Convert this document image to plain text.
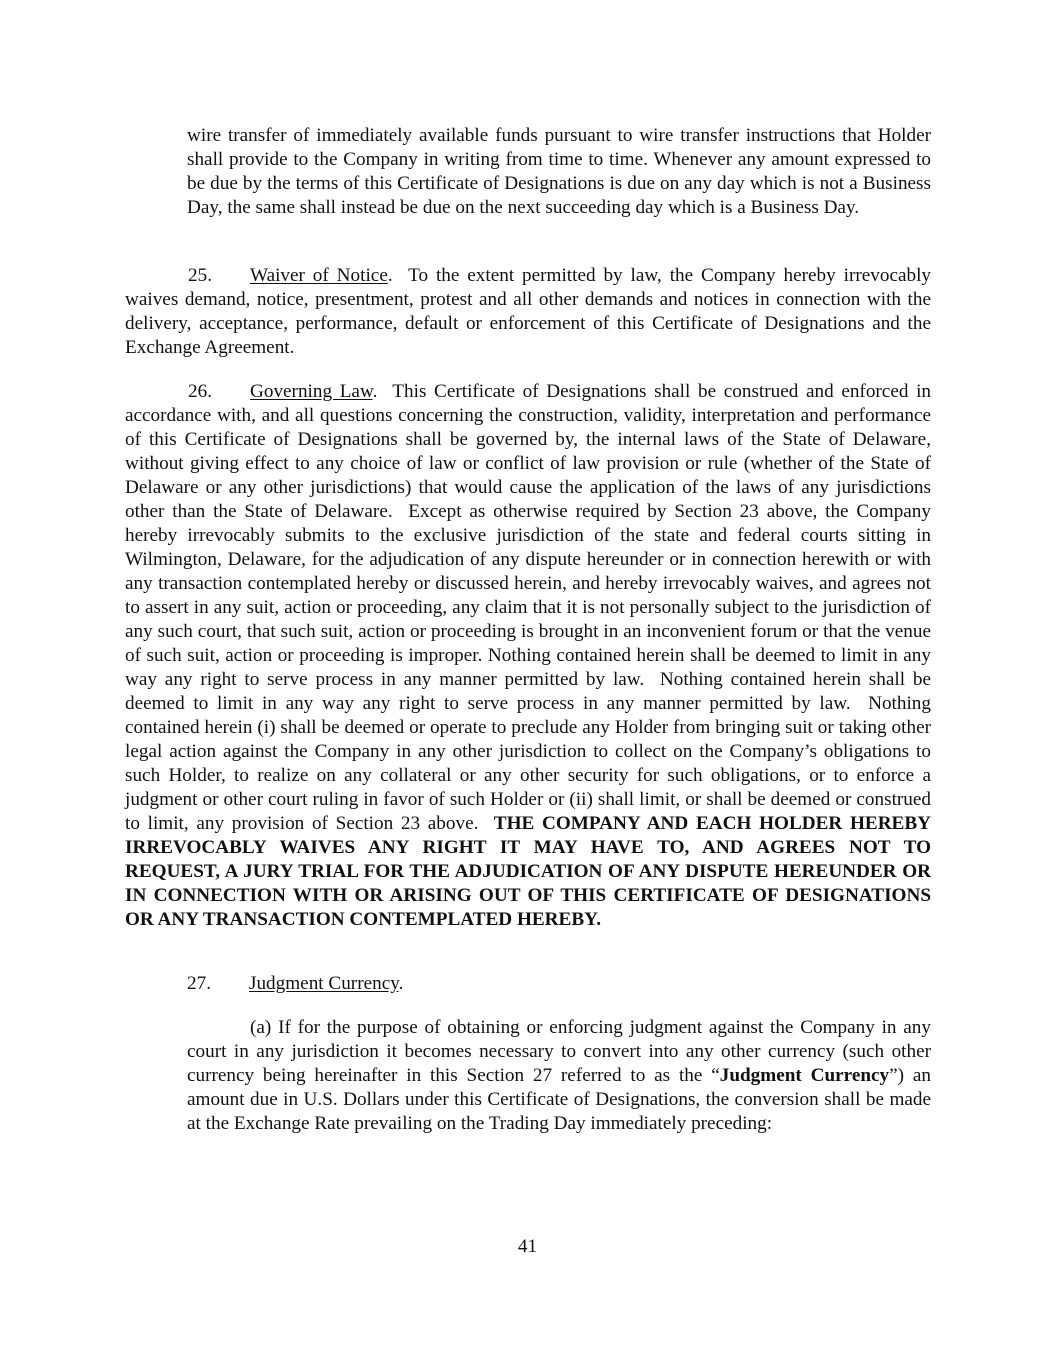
wire transfer of immediately available funds pursuant to wire transfer instructions that Holder shall provide to the Company in writing from time to time. Whenever any amount expressed to be due by the terms of this Certificate of Designations is due on any day which is not a Business Day, the same shall instead be due on the next succeeding day which is a Business Day.

25. Waiver of Notice.  To the extent permitted by law, the Company hereby irrevocably waives demand, notice, presentment, protest and all other demands and notices in connection with the delivery, acceptance, performance, default or enforcement of this Certificate of Designations and the Exchange Agreement.

26. Governing Law.  This Certificate of Designations shall be construed and enforced in accordance with, and all questions concerning the construction, validity, interpretation and performance of this Certificate of Designations shall be governed by, the internal laws of the State of Delaware, without giving effect to any choice of law or conflict of law provision or rule (whether of the State of Delaware or any other jurisdictions) that would cause the application of the laws of any jurisdictions other than the State of Delaware.  Except as otherwise required by Section 23 above, the Company hereby irrevocably submits to the exclusive jurisdiction of the state and federal courts sitting in Wilmington, Delaware, for the adjudication of any dispute hereunder or in connection herewith or with any transaction contemplated hereby or discussed herein, and hereby irrevocably waives, and agrees not to assert in any suit, action or proceeding, any claim that it is not personally subject to the jurisdiction of any such court, that such suit, action or proceeding is brought in an inconvenient forum or that the venue of such suit, action or proceeding is improper. Nothing contained herein shall be deemed to limit in any way any right to serve process in any manner permitted by law.  Nothing contained herein shall be deemed to limit in any way any right to serve process in any manner permitted by law.  Nothing contained herein (i) shall be deemed or operate to preclude any Holder from bringing suit or taking other legal action against the Company in any other jurisdiction to collect on the Company’s obligations to such Holder, to realize on any collateral or any other security for such obligations, or to enforce a judgment or other court ruling in favor of such Holder or (ii) shall limit, or shall be deemed or construed to limit, any provision of Section 23 above.  THE COMPANY AND EACH HOLDER HEREBY IRREVOCABLY WAIVES ANY RIGHT IT MAY HAVE TO, AND AGREES NOT TO REQUEST, A JURY TRIAL FOR THE ADJUDICATION OF ANY DISPUTE HEREUNDER OR IN CONNECTION WITH OR ARISING OUT OF THIS CERTIFICATE OF DESIGNATIONS OR ANY TRANSACTION CONTEMPLATED HEREBY.

27. Judgment Currency.

(a) If for the purpose of obtaining or enforcing judgment against the Company in any court in any jurisdiction it becomes necessary to convert into any other currency (such other currency being hereinafter in this Section 27 referred to as the “Judgment Currency”) an amount due in U.S. Dollars under this Certificate of Designations, the conversion shall be made at the Exchange Rate prevailing on the Trading Day immediately preceding:

41
